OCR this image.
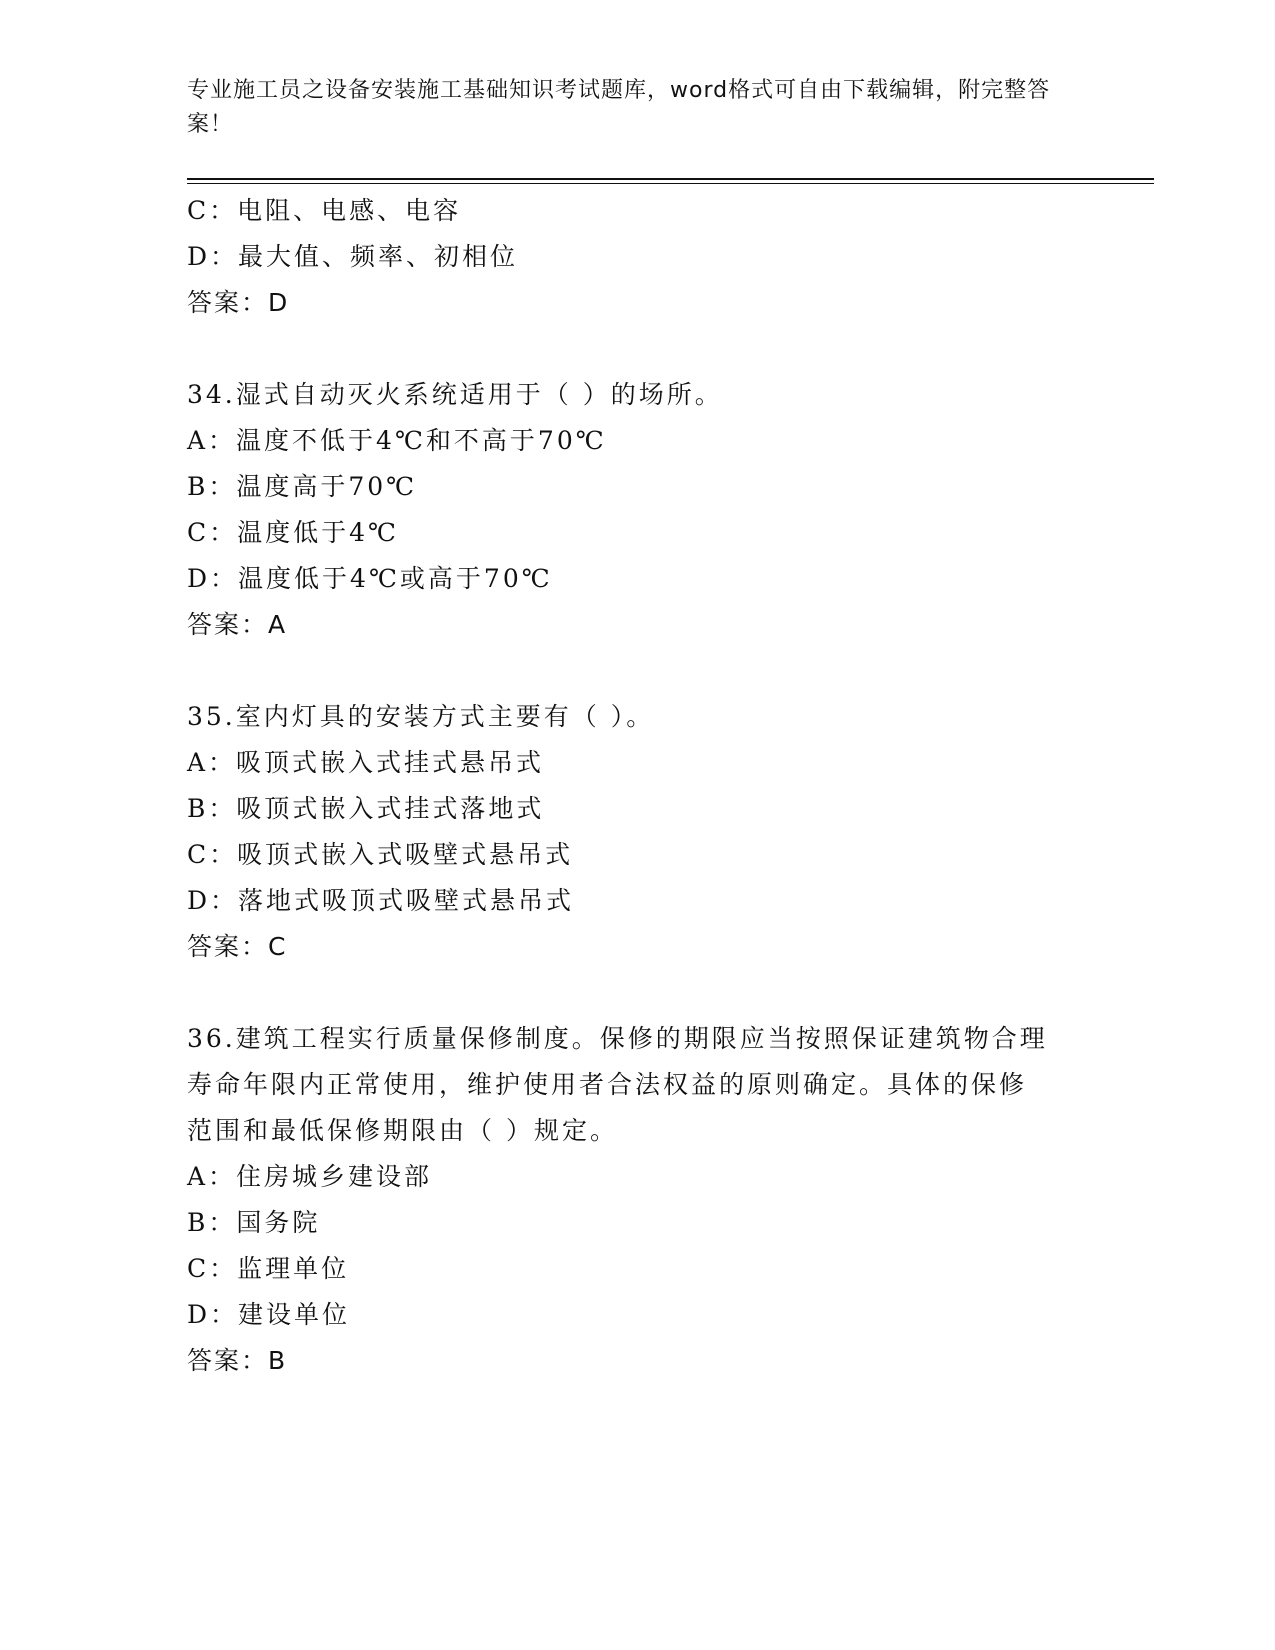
专业施工员之设备安装施工基础知识考试题库，word格式可自由下载编辑，附完整答案！
C：电阻、电感、电容
D：最大值、频率、初相位
答案：D
34.湿式自动灭火系统适用于（ ）的场所。
A：温度不低于4℃和不高于70℃
B：温度高于70℃
C：温度低于4℃
D：温度低于4℃或高于70℃
答案：A
35.室内灯具的安装方式主要有（ ）。
A：吸顶式嵌入式挂式悬吊式
B：吸顶式嵌入式挂式落地式
C：吸顶式嵌入式吸壁式悬吊式
D：落地式吸顶式吸壁式悬吊式
答案：C
36.建筑工程实行质量保修制度。保修的期限应当按照保证建筑物合理
寿命年限内正常使用，维护使用者合法权益的原则确定。具体的保修
范围和最低保修期限由（ ）规定。
A：住房城乡建设部
B：国务院
C：监理单位
D：建设单位
答案：B
